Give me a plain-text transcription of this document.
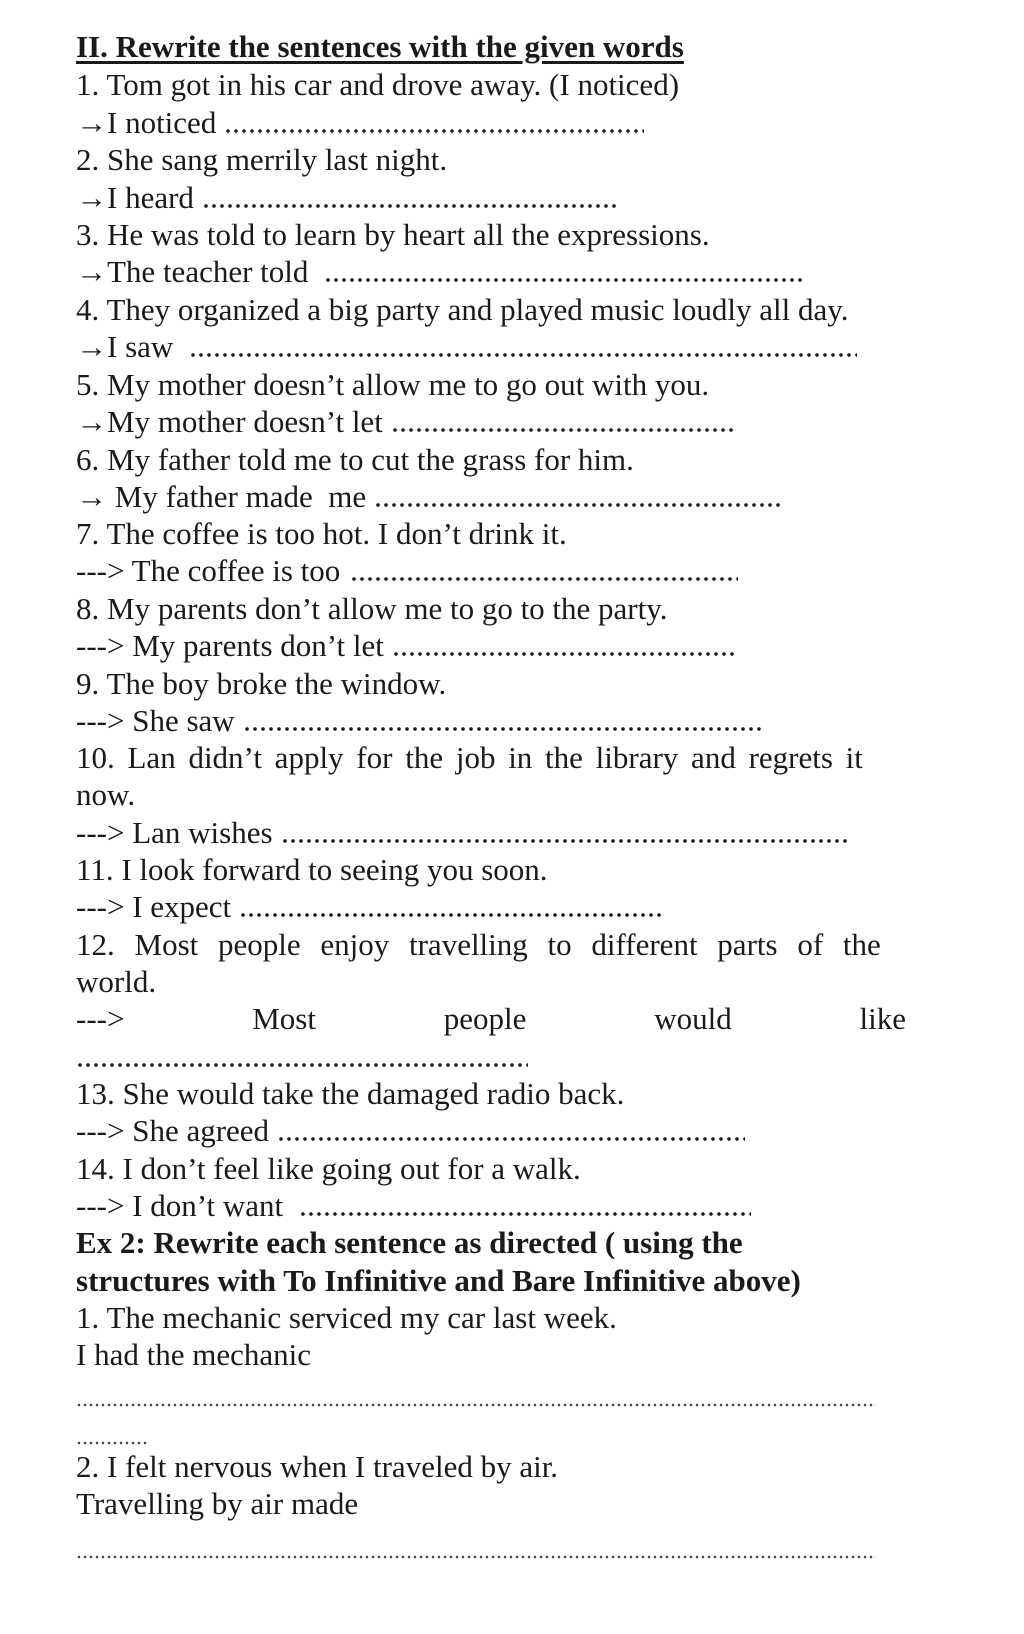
II. Rewrite the sentences with the given words
1. Tom got in his car and drove away. (I noticed)
→I noticed
2. She sang merrily last night.
→I heard
3. He was told to learn by heart all the expressions.
→The teacher told
4. They organized a big party and played music loudly all day.
→I saw
5. My mother doesn’t allow me to go out with you.
→My mother doesn’t let
6. My father told me to cut the grass for him.
→ My father made  me
7. The coffee is too hot. I don’t drink it.
---> The coffee is too
8. My parents don’t allow me to go to the party.
---> My parents don’t let
9. The boy broke the window.
---> She saw
10. Lan didn’t apply for the job in the library and regrets it
now.
---> Lan wishes
11. I look forward to seeing you soon.
---> I expect
12. Most people enjoy travelling to different parts of the
world.
--->	Most	people	would	like
13. She would take the damaged radio back.
---> She agreed
14. I don’t feel like going out for a walk.
---> I don’t want
Ex 2: Rewrite each sentence as directed ( using the
structures with To Infinitive and Bare Infinitive above)
1. The mechanic serviced my car last week.
I had the mechanic
2. I felt nervous when I traveled by air.
Travelling by air made
